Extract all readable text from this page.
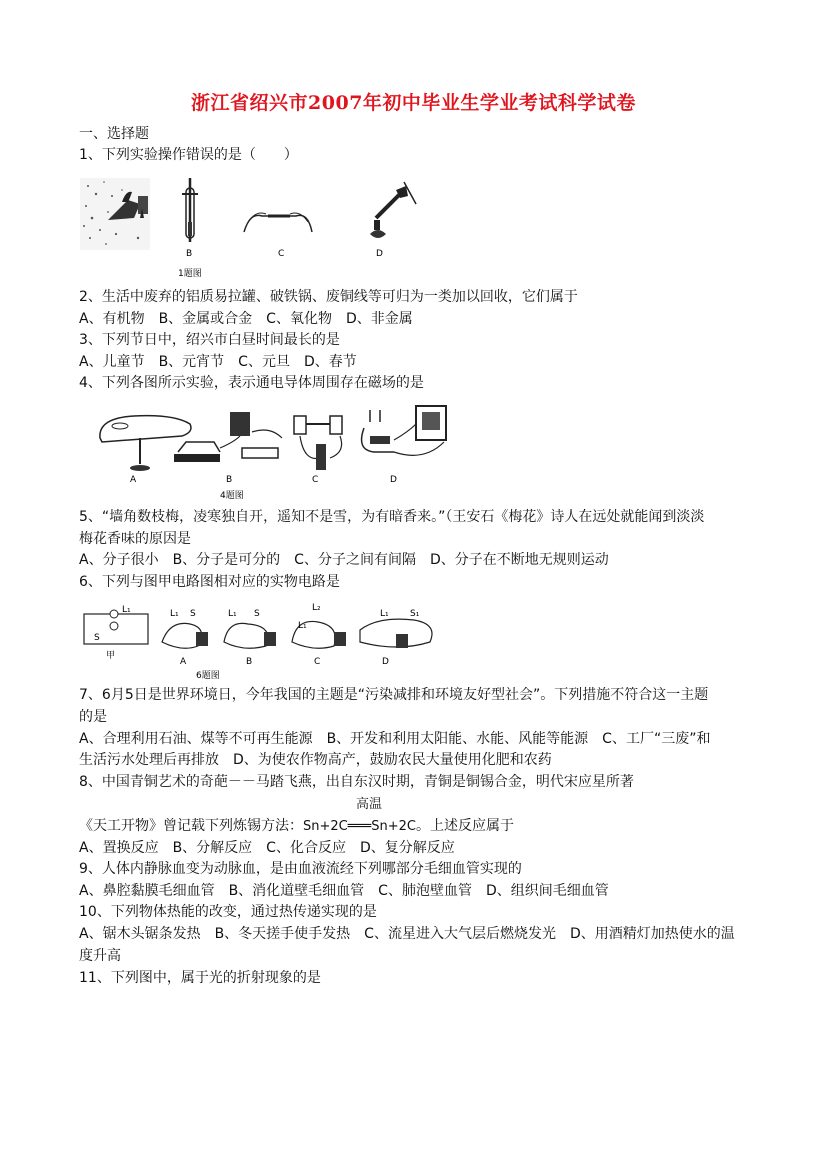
浙江省绍兴市2007年初中毕业生学业考试科学试卷
一、选择题
1、下列实验操作错误的是（　　）
B	C	D
1题图
2、生活中废弃的铝质易拉罐、破铁锅、废铜线等可归为一类加以回收，它们属于
A、有机物　B、金属或合金　C、氧化物　D、非金属
3、下列节日中，绍兴市白昼时间最长的是
A、儿童节　B、元宵节　C、元旦　D、春节
4、下列各图所示实验，表示通电导体周围存在磁场的是
A	B	C	D
4题图
5、“墙角数枝梅，凌寒独自开，遥知不是雪，为有暗香来。”（王安石《梅花》诗人在远处就能闻到淡淡
梅花香味的原因是
A、分子很小　B、分子是可分的　C、分子之间有间隔　D、分子在不断地无规则运动
6、下列与图甲电路图相对应的实物电路是
L₁
S
甲
L₁ S
A
L₁ S
B
L₂
L₁
C
L₁ S₁
D
6题图
7、6月5日是世界环境日，今年我国的主题是“污染减排和环境友好型社会”。下列措施不符合这一主题
的是
A、合理利用石油、煤等不可再生能源　B、开发和利用太阳能、水能、风能等能源　C、工厂“三废”和
生活污水处理后再排放　D、为使农作物高产，鼓励农民大量使用化肥和农药
8、中国青铜艺术的奇葩－－马踏飞燕，出自东汉时期，青铜是铜锡合金，明代宋应星所著
高温
《天工开物》曾记载下列炼锡方法：Sn+2C═══Sn+2C。上述反应属于
A、置换反应　B、分解反应　C、化合反应　D、复分解反应
9、人体内静脉血变为动脉血，是由血液流经下列哪部分毛细血管实现的
A、鼻腔黏膜毛细血管　B、消化道壁毛细血管　C、肺泡壁血管　D、组织间毛细血管
10、下列物体热能的改变，通过热传递实现的是
A、锯木头锯条发热　B、冬天搓手使手发热　C、流星进入大气层后燃烧发光　D、用酒精灯加热使水的温
度升高
11、下列图中，属于光的折射现象的是
